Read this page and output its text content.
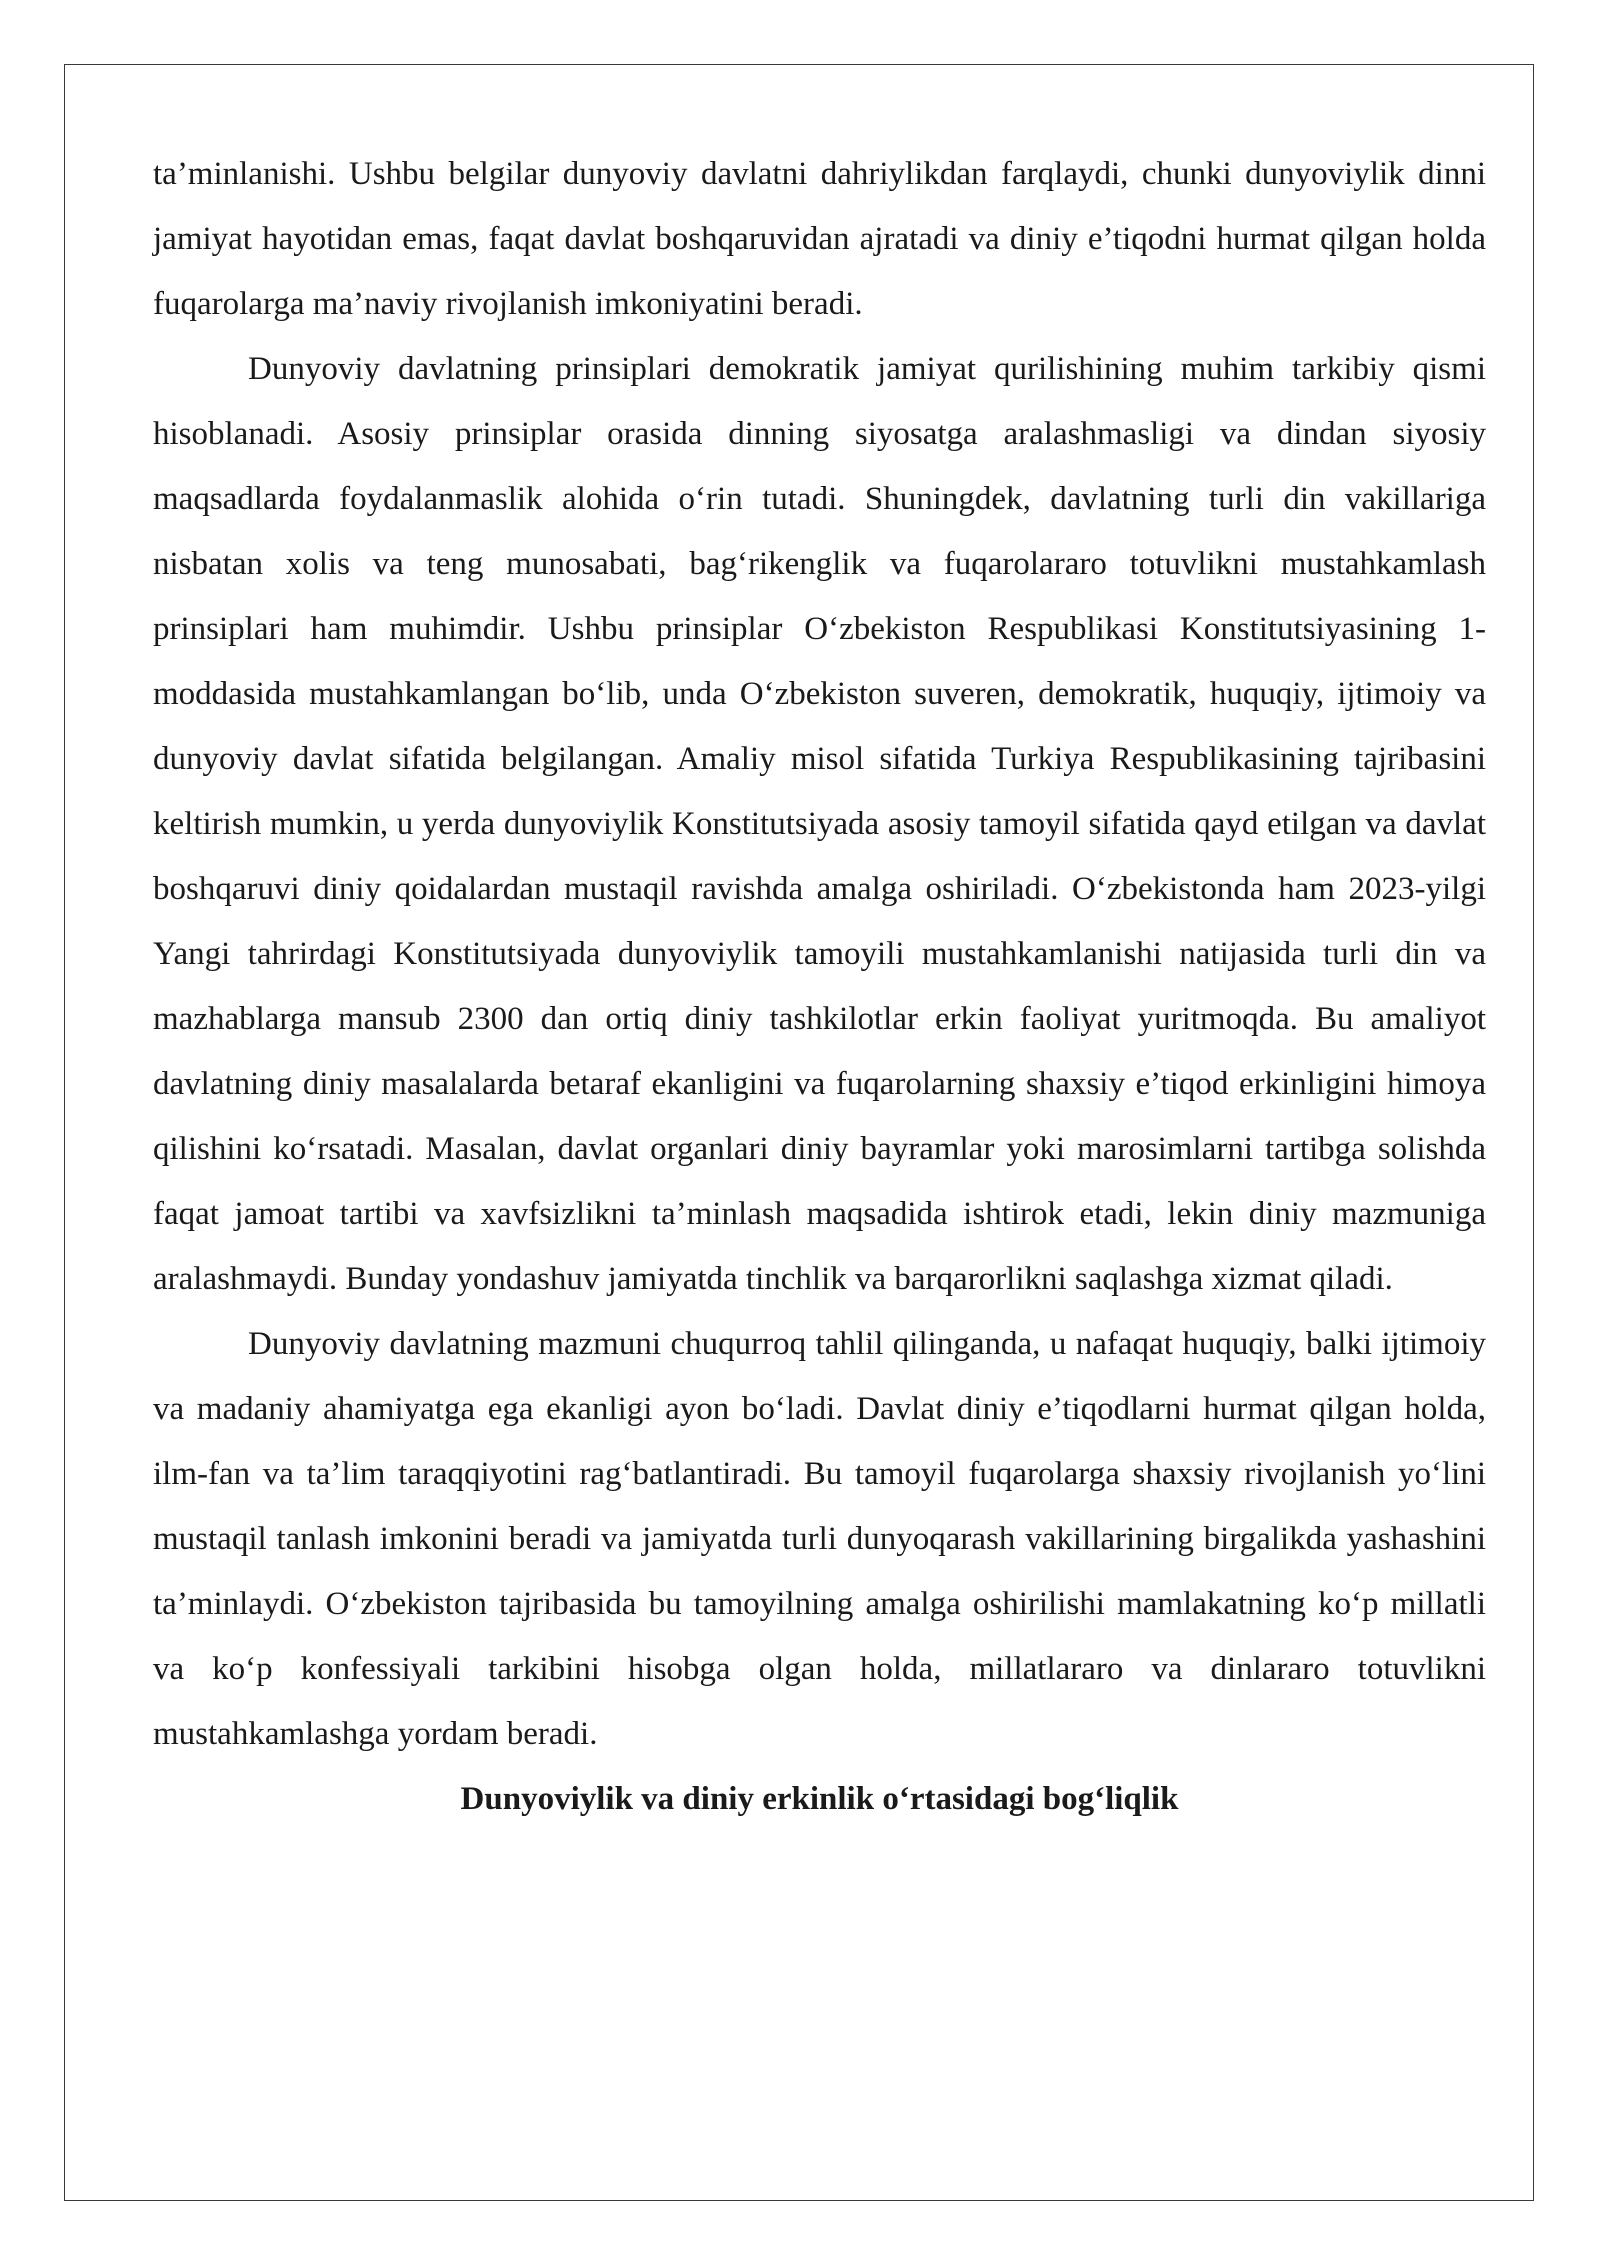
ta’minlanishi. Ushbu belgilar dunyoviy davlatni dahriylikdan farqlaydi, chunki dunyoviylik dinni jamiyat hayotidan emas, faqat davlat boshqaruvidan ajratadi va diniy e’tiqodni hurmat qilgan holda fuqarolarga ma’naviy rivojlanish imkoniyatini beradi.

Dunyoviy davlatning prinsiplari demokratik jamiyat qurilishining muhim tarkibiy qismi hisoblanadi. Asosiy prinsiplar orasida dinning siyosatga aralashmasligi va dindan siyosiy maqsadlarda foydalanmaslik alohida oʻrin tutadi. Shuningdek, davlatning turli din vakillariga nisbatan xolis va teng munosabati, bagʻrikenglik va fuqarolararo totuvlikni mustahkamlash prinsiplari ham muhimdir. Ushbu prinsiplar Oʻzbekiston Respublikasi Konstitutsiyasining 1-moddasida mustahkamlangan boʻlib, unda Oʻzbekiston suveren, demokratik, huquqiy, ijtimoiy va dunyoviy davlat sifatida belgilangan. Amaliy misol sifatida Turkiya Respublikasining tajribasini keltirish mumkin, u yerda dunyoviylik Konstitutsiyada asosiy tamoyil sifatida qayd etilgan va davlat boshqaruvi diniy qoidalardan mustaqil ravishda amalga oshiriladi. Oʻzbekistonda ham 2023-yilgi Yangi tahrirdagi Konstitutsiyada dunyoviylik tamoyili mustahkamlanishi natijasida turli din va mazhablarga mansub 2300 dan ortiq diniy tashkilotlar erkin faoliyat yuritmoqda. Bu amaliyot davlatning diniy masalalarda betaraf ekanligini va fuqarolarning shaxsiy e’tiqod erkinligini himoya qilishini koʻrsatadi. Masalan, davlat organlari diniy bayramlar yoki marosimlarni tartibga solishda faqat jamoat tartibi va xavfsizlikni ta’minlash maqsadida ishtirok etadi, lekin diniy mazmuniga aralashmaydi. Bunday yondashuv jamiyatda tinchlik va barqarorlikni saqlashga xizmat qiladi.

Dunyoviy davlatning mazmuni chuqurroq tahlil qilinganda, u nafaqat huquqiy, balki ijtimoiy va madaniy ahamiyatga ega ekanligi ayon boʻladi. Davlat diniy e’tiqodlarni hurmat qilgan holda, ilm-fan va ta’lim taraqqiyotini ragʻbatlantiradi. Bu tamoyil fuqarolarga shaxsiy rivojlanish yoʻlini mustaqil tanlash imkonini beradi va jamiyatda turli dunyoqarash vakillarining birgalikda yashashini ta’minlaydi. Oʻzbekiston tajribasida bu tamoyilning amalga oshirilishi mamlakatning koʻp millatli va koʻp konfessiyali tarkibini hisobga olgan holda, millatlararo va dinlararo totuvlikni mustahkamlashga yordam beradi.

Dunyoviylik va diniy erkinlik oʻrtasidagi bogʻliqlik
